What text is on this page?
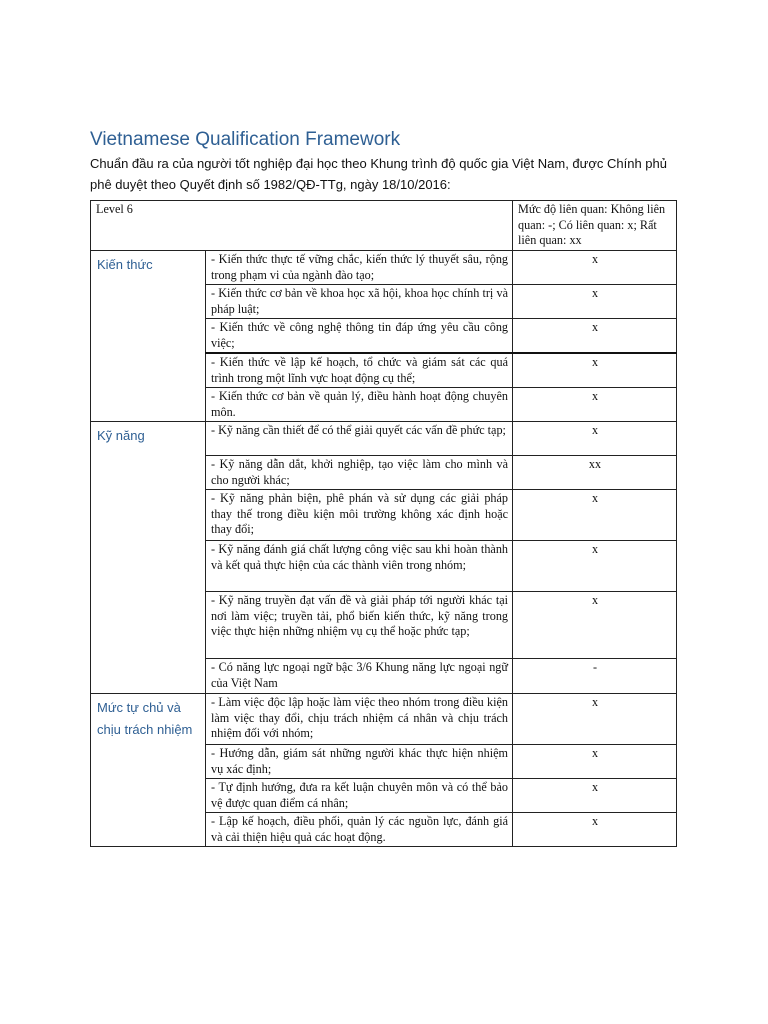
Vietnamese Qualification Framework
Chuẩn đầu ra của người tốt nghiệp đại học theo Khung trình độ quốc gia Việt Nam, được Chính phủ phê duyệt theo Quyết định số 1982/QĐ-TTg, ngày 18/10/2016:
Level 6		Mức độ liên quan: Không liên quan: -; Có liên quan: x; Rất liên quan: xx
Kiến thức	- Kiến thức thực tế vững chắc, kiến thức lý thuyết sâu, rộng trong phạm vi của ngành đào tạo;	x
	- Kiến thức cơ bản về khoa học xã hội, khoa học chính trị và pháp luật;	x
	- Kiến thức về công nghệ thông tin đáp ứng yêu cầu công việc;	x
	- Kiến thức về lập kế hoạch, tổ chức và giám sát các quá trình trong một lĩnh vực hoạt động cụ thể;	x
	- Kiến thức cơ bản về quản lý, điều hành hoạt động chuyên môn.	x
Kỹ năng	- Kỹ năng cần thiết để có thể giải quyết các vấn đề phức tạp;	x
	- Kỹ năng dẫn dắt, khởi nghiệp, tạo việc làm cho mình và cho người khác;	xx
	- Kỹ năng phản biện, phê phán và sử dụng các giải pháp thay thế trong điều kiện môi trường không xác định hoặc thay đổi;	x
	- Kỹ năng đánh giá chất lượng công việc sau khi hoàn thành và kết quả thực hiện của các thành viên trong nhóm;	x
	- Kỹ năng truyền đạt vấn đề và giải pháp tới người khác tại nơi làm việc; truyền tải, phổ biến kiến thức, kỹ năng trong việc thực hiện những nhiệm vụ cụ thể hoặc phức tạp;	x
	- Có năng lực ngoại ngữ bậc 3/6 Khung năng lực ngoại ngữ của Việt Nam	-
Mức tự chủ và chịu trách nhiệm	- Làm việc độc lập hoặc làm việc theo nhóm trong điều kiện làm việc thay đổi, chịu trách nhiệm cá nhân và chịu trách nhiệm đối với nhóm;	x
	- Hướng dẫn, giám sát những người khác thực hiện nhiệm vụ xác định;	x
	- Tự định hướng, đưa ra kết luận chuyên môn và có thể bảo vệ được quan điểm cá nhân;	x
	- Lập kế hoạch, điều phối, quản lý các nguồn lực, đánh giá và cải thiện hiệu quả các hoạt động.	x
